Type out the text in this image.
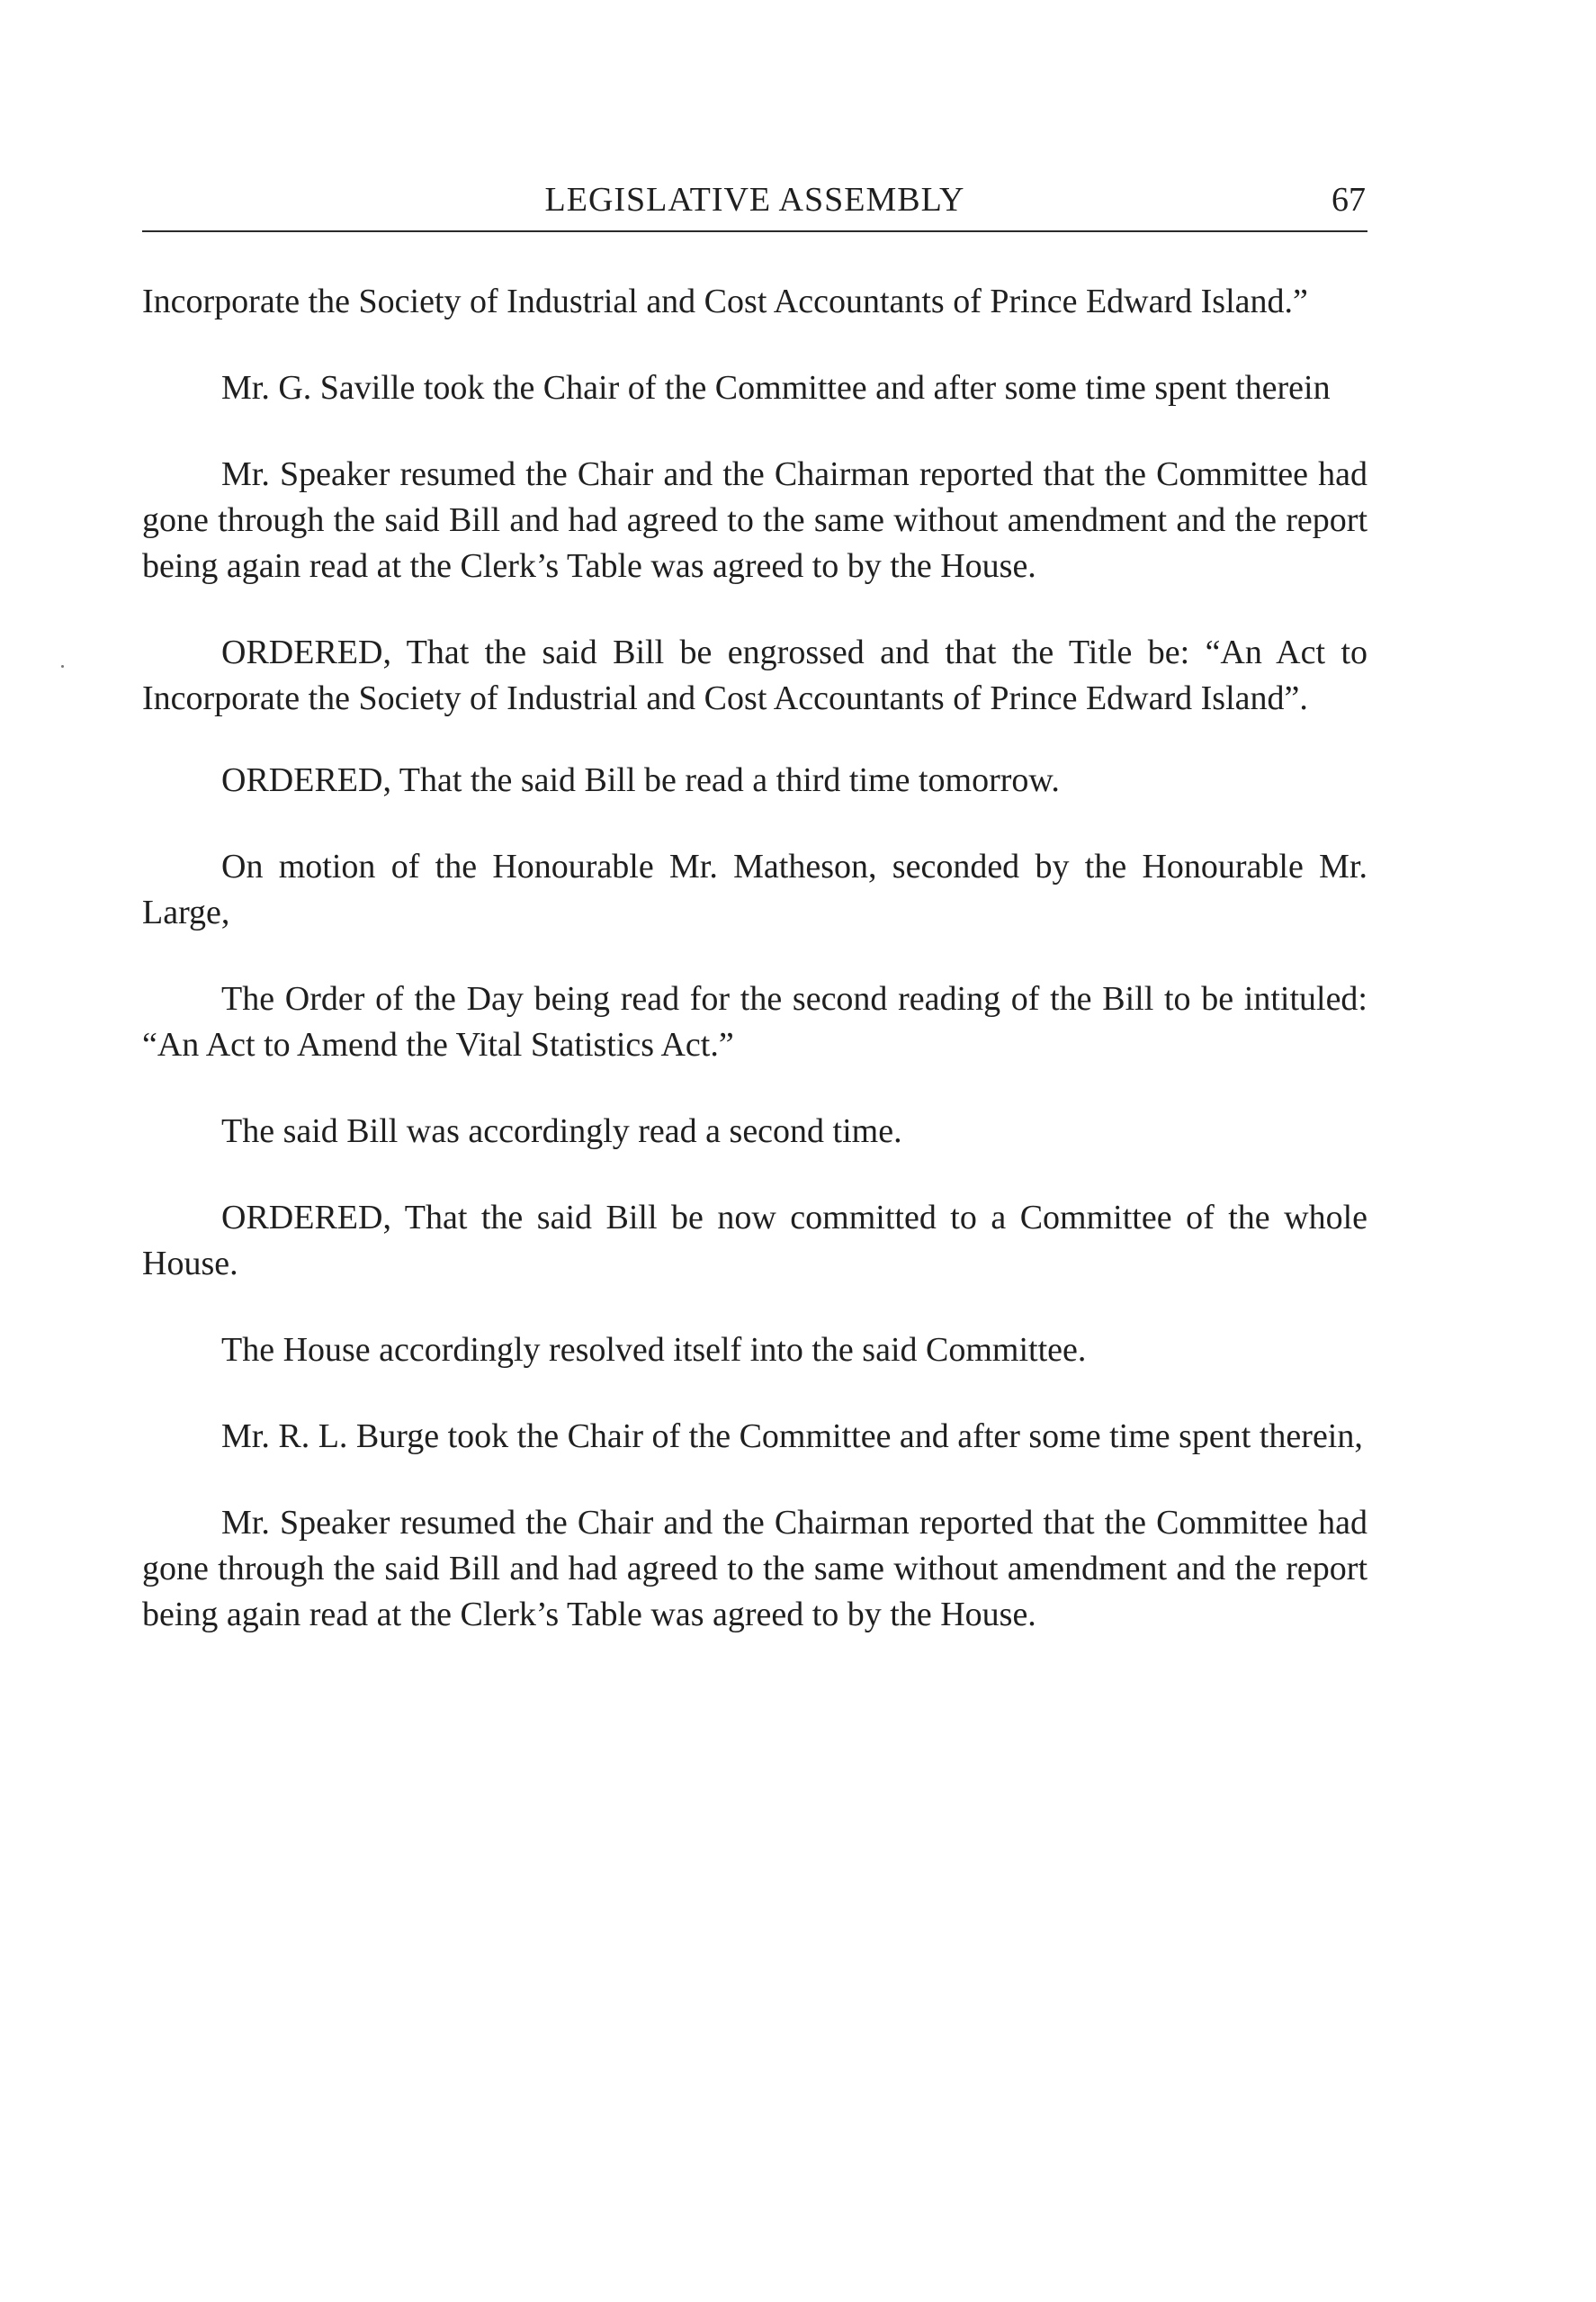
LEGISLATIVE ASSEMBLY	67

Incorporate the Society of Industrial and Cost Accountants of Prince Edward Island.”

Mr. G. Saville took the Chair of the Committee and after some time spent therein

Mr. Speaker resumed the Chair and the Chairman reported that the Committee had gone through the said Bill and had agreed to the same without amendment and the report being again read at the Clerk’s Table was agreed to by the House.

ORDERED, That the said Bill be engrossed and that the Title be: “An Act to Incorporate the Society of Industrial and Cost Accountants of Prince Edward Island”.

ORDERED, That the said Bill be read a third time tomorrow.

On motion of the Honourable Mr. Matheson, seconded by the Honourable Mr. Large,

The Order of the Day being read for the second reading of the Bill to be intituled: “An Act to Amend the Vital Statistics Act.”

The said Bill was accordingly read a second time.

ORDERED, That the said Bill be now committed to a Committee of the whole House.

The House accordingly resolved itself into the said Committee.

Mr. R. L. Burge took the Chair of the Committee and after some time spent therein,

Mr. Speaker resumed the Chair and the Chairman reported that the Committee had gone through the said Bill and had agreed to the same without amendment and the report being again read at the Clerk’s Table was agreed to by the House.
